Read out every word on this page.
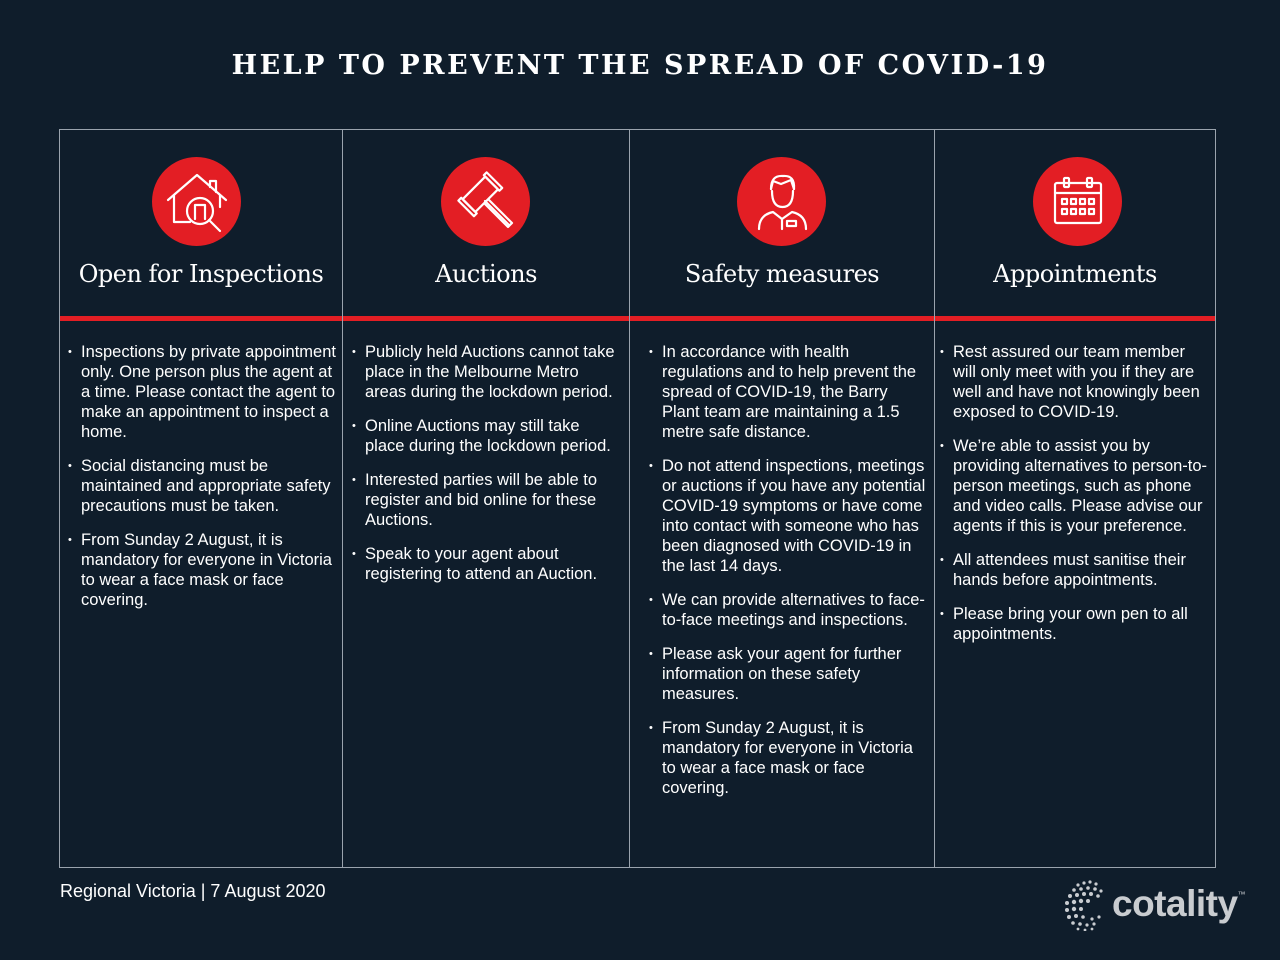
HELP TO PREVENT THE SPREAD OF COVID-19
Open for Inspections
• Inspections by private appointment only. One person plus the agent at a time. Please contact the agent to make an appointment to inspect a home.
• Social distancing must be maintained and appropriate safety precautions must be taken.
• From Sunday 2 August, it is mandatory for everyone in Victoria to wear a face mask or face covering.
Auctions
• Publicly held Auctions cannot take place in the Melbourne Metro areas during the lockdown period.
• Online Auctions may still take place during the lockdown period.
• Interested parties will be able to register and bid online for these Auctions.
• Speak to your agent about registering to attend an Auction.
Safety measures
• In accordance with health regulations and to help prevent the spread of COVID-19, the Barry Plant team are maintaining a 1.5 metre safe distance.
• Do not attend inspections, meetings or auctions if you have any potential COVID-19 symptoms or have come into contact with someone who has been diagnosed with COVID-19 in the last 14 days.
• We can provide alternatives to face-to-face meetings and inspections.
• Please ask your agent for further information on these safety measures.
• From Sunday 2 August, it is mandatory for everyone in Victoria to wear a face mask or face covering.
Appointments
• Rest assured our team member will only meet with you if they are well and have not knowingly been exposed to COVID-19.
• We’re able to assist you by providing alternatives to person-to-person meetings, such as phone and video calls. Please advise our agents if this is your preference.
• All attendees must sanitise their hands before appointments.
• Please bring your own pen to all appointments.
Regional Victoria | 7 August 2020	cotality ™
